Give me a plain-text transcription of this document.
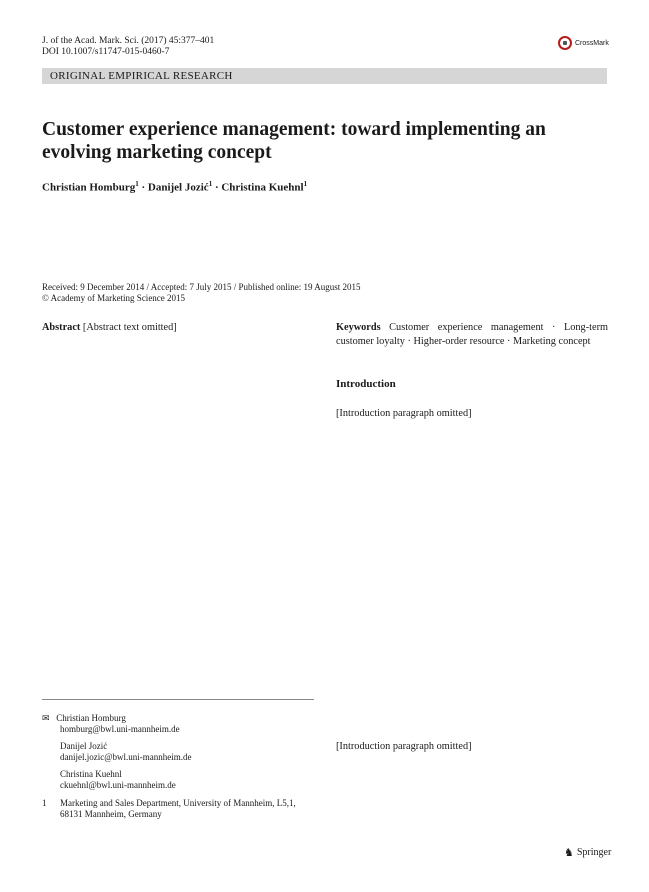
J. of the Acad. Mark. Sci. (2017) 45:377–401
DOI 10.1007/s11747-015-0460-7
CrossMark
ORIGINAL EMPIRICAL RESEARCH
Customer experience management: toward implementing an evolving marketing concept
Christian Homburg$^1$ · Danijel Jozić$^1$ · Christina Kuehnl$^1$
Received: 9 December 2014 / Accepted: 7 July 2015 / Published online: 19 August 2015
© Academy of Marketing Science 2015
Abstract [Abstract text omitted]	Keywords Customer experience management · Long-term customer loyalty · Higher-order resource · Marketing concept
Introduction
[Introduction paragraph omitted]
[Introduction paragraph omitted]
✉ Christian Homburg
homburg@bwl.uni-mannheim.de
Danijel Jozić
danijel.jozic@bwl.uni-mannheim.de
Christina Kuehnl
ckuehnl@bwl.uni-mannheim.de
1	Marketing and Sales Department, University of Mannheim, L5,1, 68131 Mannheim, Germany
♞ Springer
